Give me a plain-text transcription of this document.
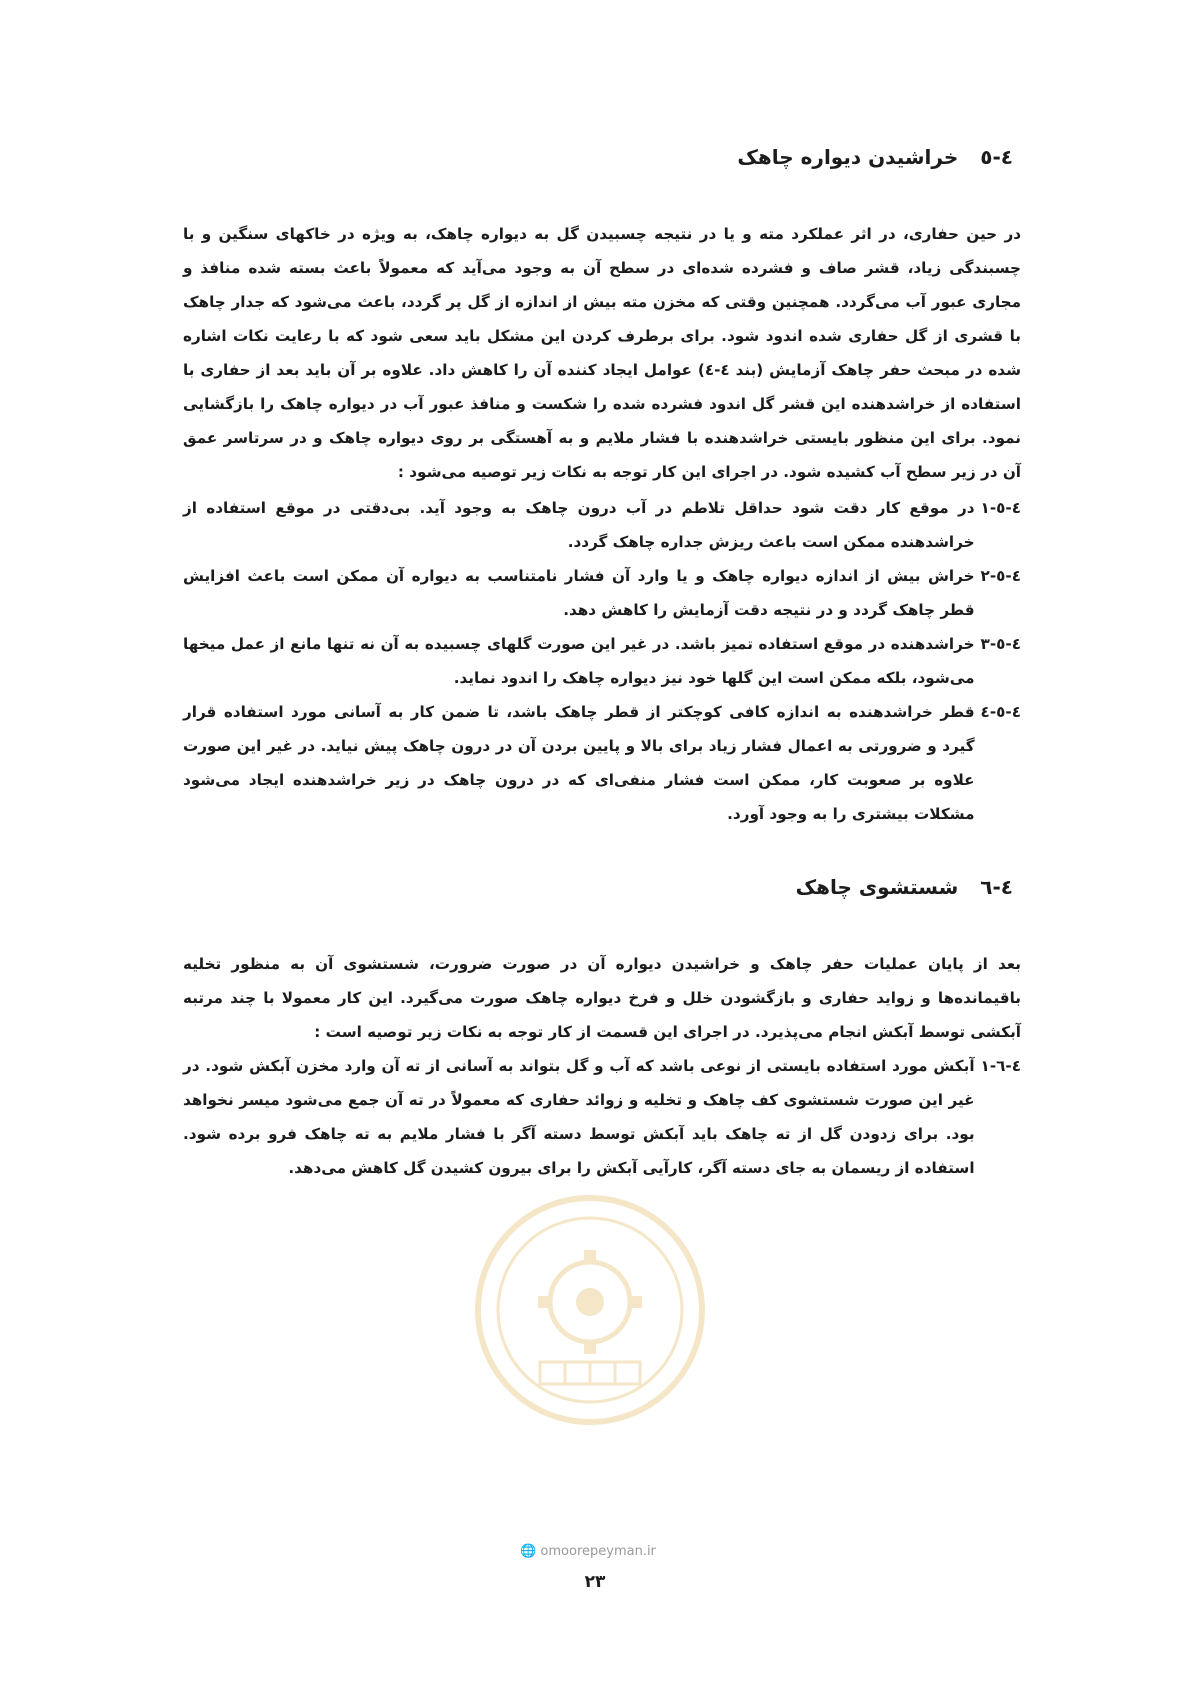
٤-٥
خراشیدن دیواره چاهک

در حین حفاری، در اثر عملکرد مته و یا در نتیجه چسبیدن گل به دیواره چاهک، به ویژه در خاکهای سنگین و با چسبندگی زیاد، قشر صاف و فشرده شده‌ای در سطح آن به وجود می‌آید که معمولاً باعث بسته شده منافذ و مجاری عبور آب می‌گردد. همچنین وقتی که مخزن مته بیش از اندازه از گل پر گردد، باعث می‌شود که جدار چاهک با قشری از گل حفاری شده اندود شود. برای برطرف کردن این مشکل باید سعی شود که با رعایت نکات اشاره شده در مبحث حفر چاهک آزمایش (بند ٤-٤) عوامل ایجاد کننده آن را کاهش داد. علاوه بر آن باید بعد از حفاری با استفاده از خراشدهنده این قشر گل اندود فشرده شده را شکست و منافذ عبور آب در دیواره چاهک را بازگشایی نمود. برای این منظور بایستی خراشدهنده با فشار ملایم و به آهستگی بر روی دیواره چاهک و در سرتاسر عمق آن در زیر سطح آب کشیده شود. در اجرای این کار توجه به نکات زیر توصیه می‌شود :

٤-٥-١
در موقع کار دقت شود حداقل تلاطم در آب درون چاهک به وجود آید. بی‌دقتی در موقع استفاده از خراشدهنده ممکن است باعث ریزش جداره چاهک گردد.
٤-٥-٢
خراش بیش از اندازه دیواره چاهک و یا وارد آن فشار نامتناسب به دیواره آن ممکن است باعث افزایش قطر چاهک گردد و در نتیجه دقت آزمایش را کاهش دهد.
٤-٥-٣
خراشدهنده در موقع استفاده تمیز باشد. در غیر این صورت گلهای چسبیده به آن نه تنها مانع از عمل میخها می‌شود، بلکه ممکن است این گلها خود نیز دیواره چاهک را اندود نماید.
٤-٥-٤
قطر خراشدهنده به اندازه کافی کوچکتر از قطر چاهک باشد، تا ضمن کار به آسانی مورد استفاده قرار گیرد و ضرورتی به اعمال فشار زیاد برای بالا و پایین بردن آن در درون چاهک پیش نیاید. در غیر این صورت علاوه بر صعوبت کار، ممکن است فشار منفی‌ای که در درون چاهک در زیر خراشدهنده ایجاد می‌شود مشکلات بیشتری را به وجود آورد.
٤-٦
شستشوی چاهک

بعد از پایان عملیات حفر چاهک و خراشیدن دیواره آن در صورت ضرورت، شستشوی آن به منظور تخلیه باقیمانده‌ها و زواید حفاری و بازگشودن خلل و فرخ دیواره چاهک صورت می‌گیرد. این کار معمولا با چند مرتبه آبکشی توسط آبکش انجام می‌پذیرد. در اجرای این قسمت از کار توجه به نکات زیر توصیه است :

٤-٦-١
آبکش مورد استفاده بایستی از نوعی باشد که آب و گل بتواند به آسانی از ته آن وارد مخزن آبکش شود. در غیر این صورت شستشوی کف چاهک و تخلیه و زوائد حفاری که معمولاً در ته آن جمع می‌شود میسر نخواهد بود. برای زدودن گل از ته چاهک باید آبکش توسط دسته آگر با فشار ملایم به ته چاهک فرو برده شود. استفاده از ریسمان به جای دسته آگر، کارآیی آبکش را برای بیرون کشیدن گل کاهش می‌دهد.
🌐 omoorepeyman.ir
۲۳
